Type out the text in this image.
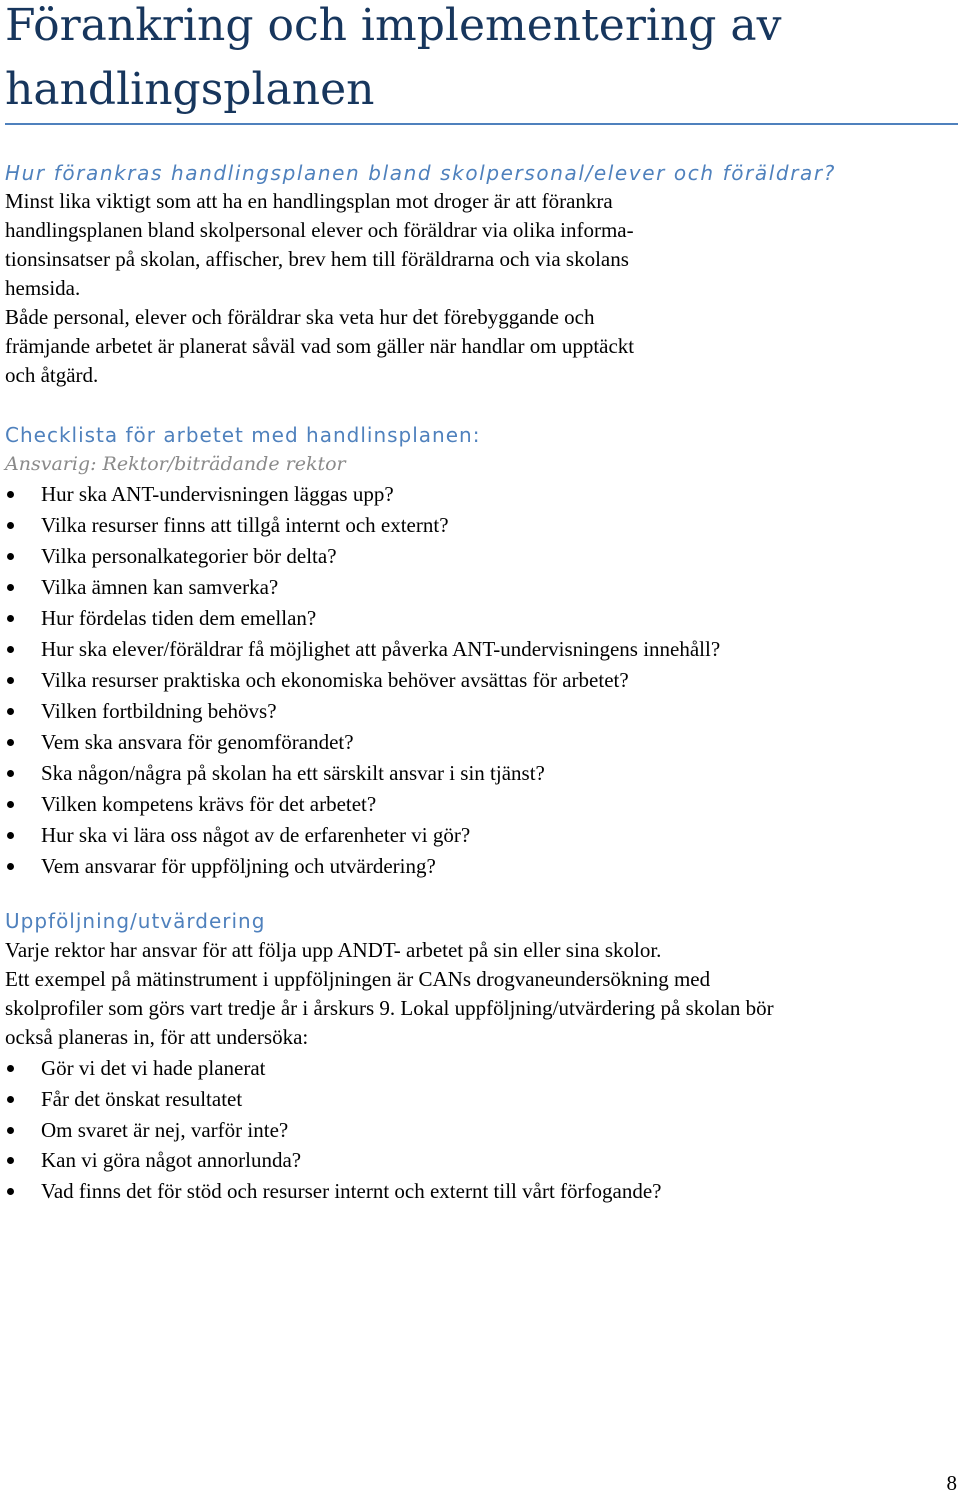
Förankring och implementering av handlingsplanen
Hur förankras handlingsplanen bland skolpersonal/elever och föräldrar?
Minst lika viktigt som att ha en handlingsplan mot droger är att förankra
handlingsplanen bland skolpersonal elever och föräldrar via olika informa-
tionsinsatser på skolan, affischer, brev hem till föräldrarna och via skolans
hemsida.
Både personal, elever och föräldrar ska veta hur det förebyggande och
främjande arbetet är planerat såväl vad som gäller när handlar om upptäckt
och åtgärd.
Checklista för arbetet med handlinsplanen:

Ansvarig: Rektor/biträdande rektor

Hur ska ANT-undervisningen läggas upp?
Vilka resurser finns att tillgå internt och externt?
Vilka personalkategorier bör delta?
Vilka ämnen kan samverka?
Hur fördelas tiden dem emellan?
Hur ska elever/föräldrar få möjlighet att påverka ANT-undervisningens innehåll?
Vilka resurser praktiska och ekonomiska behöver avsättas för arbetet?
Vilken fortbildning behövs?
Vem ska ansvara för genomförandet?
Ska någon/några på skolan ha ett särskilt ansvar i sin tjänst?
Vilken kompetens krävs för det arbetet?
Hur ska vi lära oss något av de erfarenheter vi gör?
Vem ansvarar för uppföljning och utvärdering?
Uppföljning/utvärdering
Varje rektor har ansvar för att följa upp ANDT- arbetet på sin eller sina skolor.
Ett exempel på mätinstrument i uppföljningen är CANs drogvaneundersökning med
skolprofiler som görs vart tredje år i årskurs 9. Lokal uppföljning/utvärdering på skolan bör
också planeras in, för att undersöka:
Gör vi det vi hade planerat
Får det önskat resultatet
Om svaret är nej, varför inte?
Kan vi göra något annorlunda?
Vad finns det för stöd och resurser internt och externt till vårt förfogande?
8
